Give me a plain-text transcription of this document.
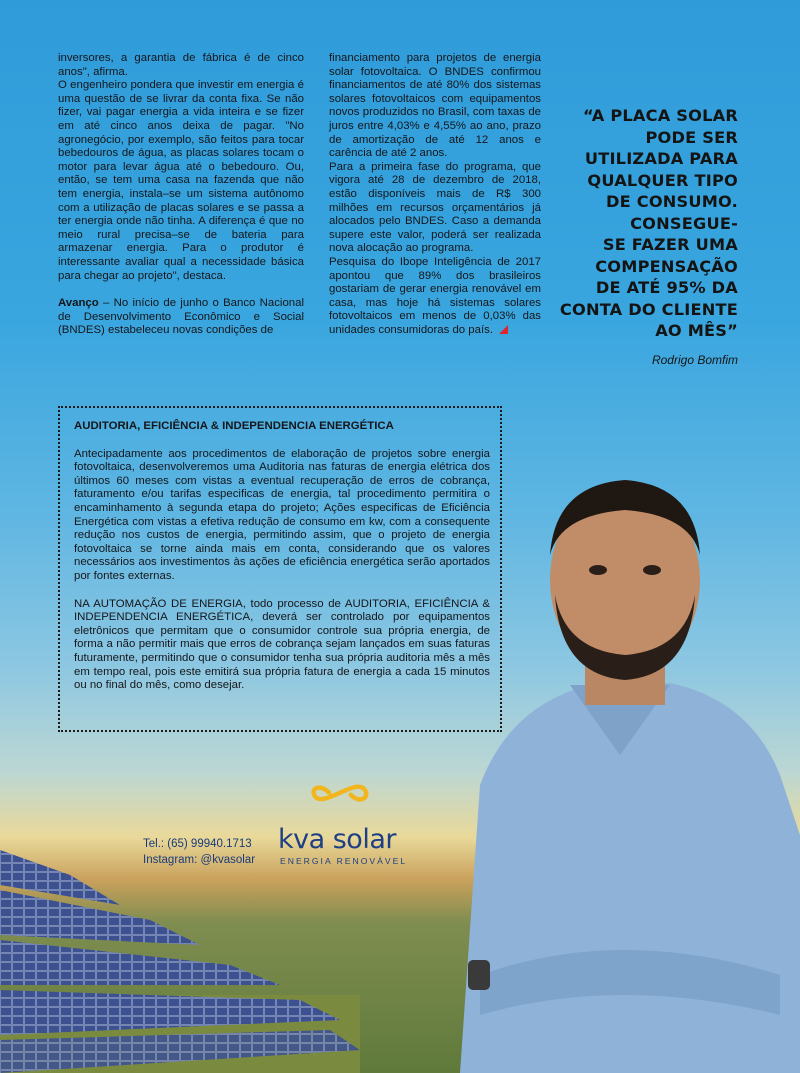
inversores, a garantia de fábrica é de cinco anos", afirma.

O engenheiro pondera que investir em energia é uma questão de se livrar da conta fixa. Se não fizer, vai pagar energia a vida inteira e se fizer em até cinco anos deixa de pagar. "No agronegócio, por exemplo, são feitos para tocar bebedouros de água, as placas solares tocam o motor para levar água até o bebedouro. Ou, então, se tem uma casa na fazenda que não tem energia, instala–se um sistema autônomo com a utilização de placas solares e se passa a ter energia onde não tinha. A diferença é que no meio rural precisa–se de bateria para armazenar energia. Para o produtor é interessante avaliar qual a necessidade básica para chegar ao projeto", destaca.

Avanço – No início de junho o Banco Nacional de Desenvolvimento Econômico e Social (BNDES) estabeleceu novas condições de

financiamento para projetos de energia solar fotovoltaica. O BNDES confirmou financiamentos de até 80% dos sistemas solares fotovoltaicos com equipamentos novos produzidos no Brasil, com taxas de juros entre 4,03% e 4,55% ao ano, prazo de amortização de até 12 anos e carência de até 2 anos.

Para a primeira fase do programa, que vigora até 28 de dezembro de 2018, estão disponíveis mais de R$ 300 milhões em recursos orçamentários já alocados pelo BNDES. Caso a demanda supere este valor, poderá ser realizada nova alocação ao programa.

Pesquisa do Ibope Inteligência de 2017 apontou que 89% dos brasileiros gostariam de gerar energia renovável em casa, mas hoje há sistemas solares fotovoltaicos em menos de 0,03% das unidades consumidoras do país.

“A PLACA SOLAR
PODE SER
UTILIZADA PARA
QUALQUER TIPO
DE CONSUMO.
CONSEGUE-
SE FAZER UMA
COMPENSAÇÃO
DE ATÉ 95% DA
CONTA DO CLIENTE
AO MÊS”
Rodrigo Bomfim
AUDITORIA, EFICIÊNCIA & INDEPENDENCIA ENERGÉTICA

Antecipadamente aos procedimentos de elaboração de projetos sobre energia fotovoltaica, desenvolveremos uma Auditoria nas faturas de energia elétrica dos últimos 60 meses com vistas a eventual recuperação de erros de cobrança, faturamento e/ou tarifas especificas de energia, tal procedimento permitira o encaminhamento à segunda etapa do projeto; Ações especificas de Eficiência Energética com vistas a efetiva redução de consumo em kw, com a consequente redução nos custos de energia, permitindo assim, que o projeto de energia fotovoltaica se torne ainda mais em conta, considerando que os valores necessários aos investimentos às ações de eficiência energética serão aportados por fontes externas.

NA AUTOMAÇÃO DE ENERGIA, todo processo de AUDITORIA, EFICIÊNCIA & INDEPENDENCIA ENERGÉTICA, deverá ser controlado por equipamentos eletrônicos que permitam que o consumidor controle sua própria energia, de forma a não permitir mais que erros de cobrança sejam lançados em suas faturas futuramente, permitindo que o consumidor tenha sua própria auditoria mês a mês em tempo real, pois este emitirá sua própria fatura de energia a cada 15 minutos ou no final do mês, como desejar.

Tel.: (65) 99940.1713
Instagram: @kvasolar
kva solar
ENERGIA RENOVÁVEL
